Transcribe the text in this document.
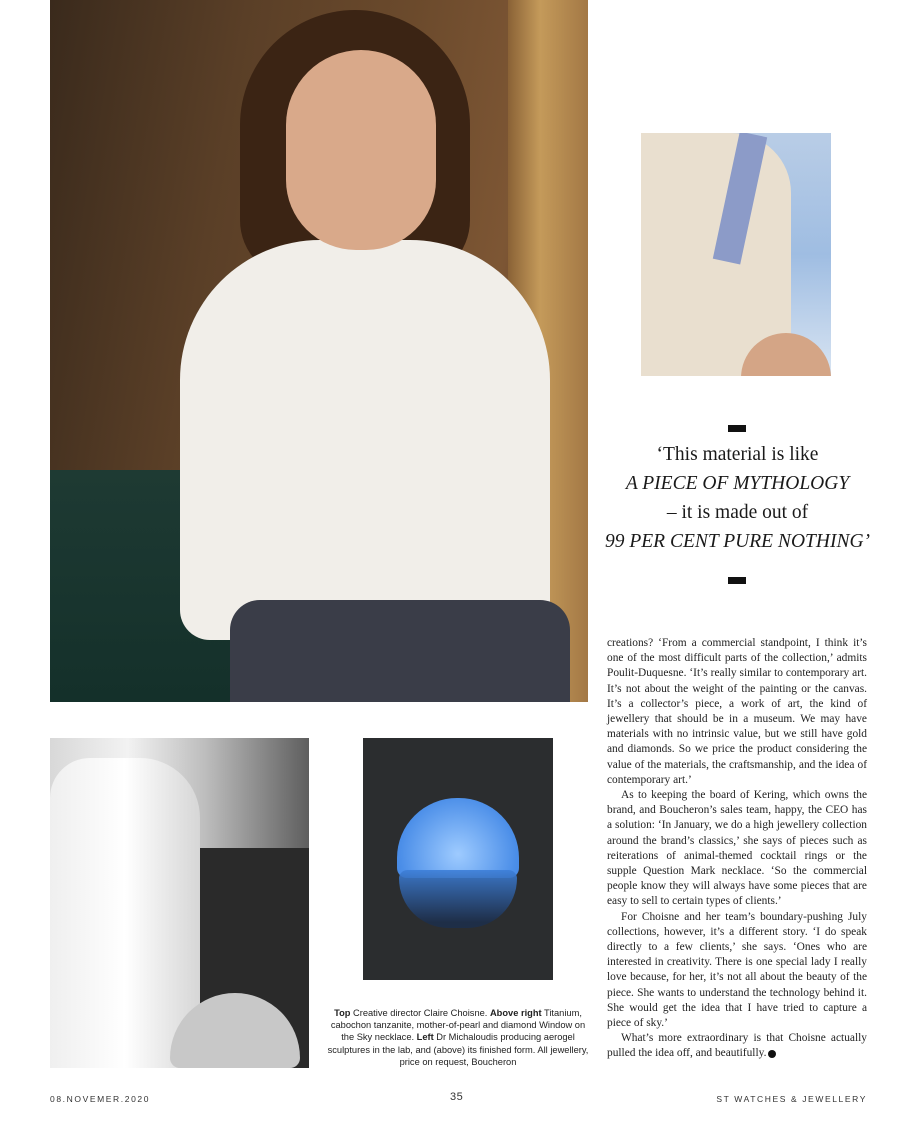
‘This material is like
A PIECE OF MYTHOLOGY
– it is made out of
99 PER CENT PURE NOTHING’

creations? ‘From a commercial standpoint, I think it’s one of the most difficult parts of the collection,’ admits Poulit-Duquesne. ‘It’s really similar to contemporary art. It’s not about the weight of the painting or the canvas. It’s a collector’s piece, a work of art, the kind of jewellery that should be in a museum. We may have materials with no intrinsic value, but we still have gold and diamonds. So we price the product considering the value of the materials, the craftsmanship, and the idea of contemporary art.’

As to keeping the board of Kering, which owns the brand, and Boucheron’s sales team, happy, the CEO has a solution: ‘In January, we do a high jewellery collection around the brand’s classics,’ she says of pieces such as reiterations of animal-themed cocktail rings or the supple Question Mark necklace. ‘So the commercial people know they will always have some pieces that are easy to sell to certain types of clients.’

For Choisne and her team’s boundary-pushing July collections, however, it’s a different story. ‘I do speak directly to a few clients,’ she says. ‘Ones who are interested in creativity. There is one special lady I really love because, for her, it’s not all about the beauty of the piece. She wants to understand the technology behind it. She would get the idea that I have tried to capture a piece of sky.’

What’s more extraordinary is that Choisne actually pulled the idea off, and beautifully.

Top Creative director Claire Choisne. Above right Titanium, cabochon tanzanite, mother-of-pearl and diamond Window on the Sky necklace. Left Dr Michaloudis producing aerogel sculptures in the lab, and (above) its finished form. All jewellery, price on request, Boucheron
08.NOVEMER.2020	35	ST WATCHES & JEWELLERY
